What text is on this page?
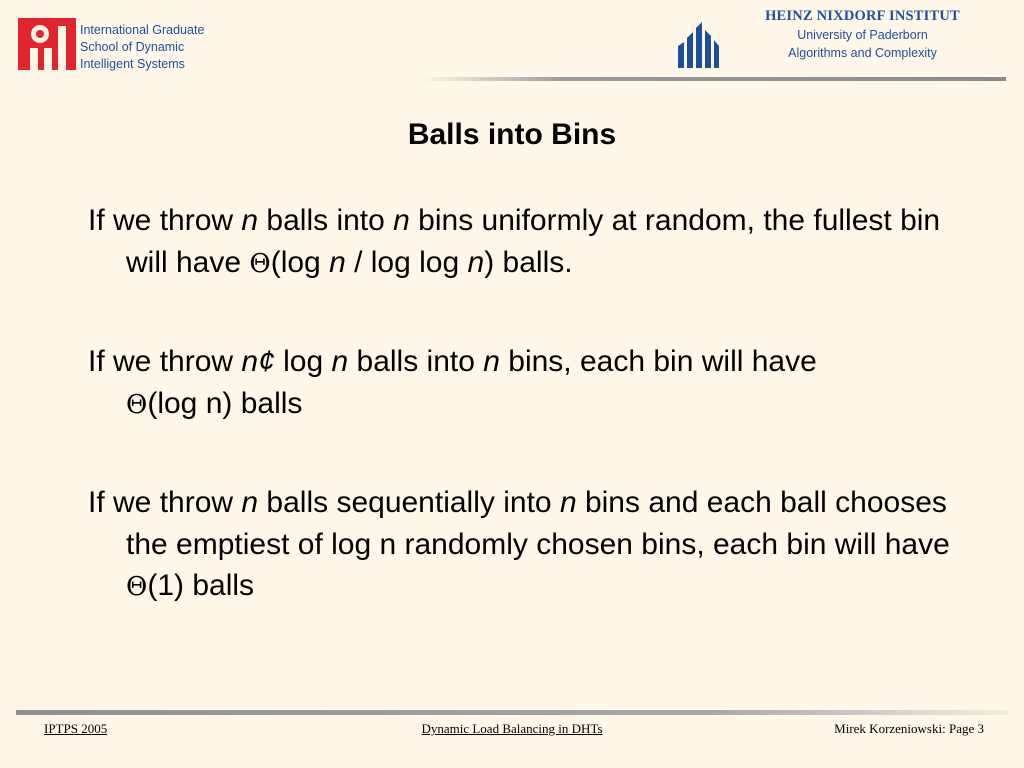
International Graduate
School of Dynamic
Intelligent Systems
HEINZ NIXDORF INSTITUT
University of Paderborn
Algorithms and Complexity
Balls into Bins

If we throw n balls into n bins uniformly at random, the fullest bin will have Θ(log n / log log n) balls.

If we throw n¢ log n balls into n bins, each bin will have
Θ(log n) balls

If we throw n balls sequentially into n bins and each ball chooses the emptiest of log n randomly chosen bins, each bin will have Θ(1) balls

IPTPS 2005	Dynamic Load Balancing in DHTs	Mirek Korzeniowski: Page 3
